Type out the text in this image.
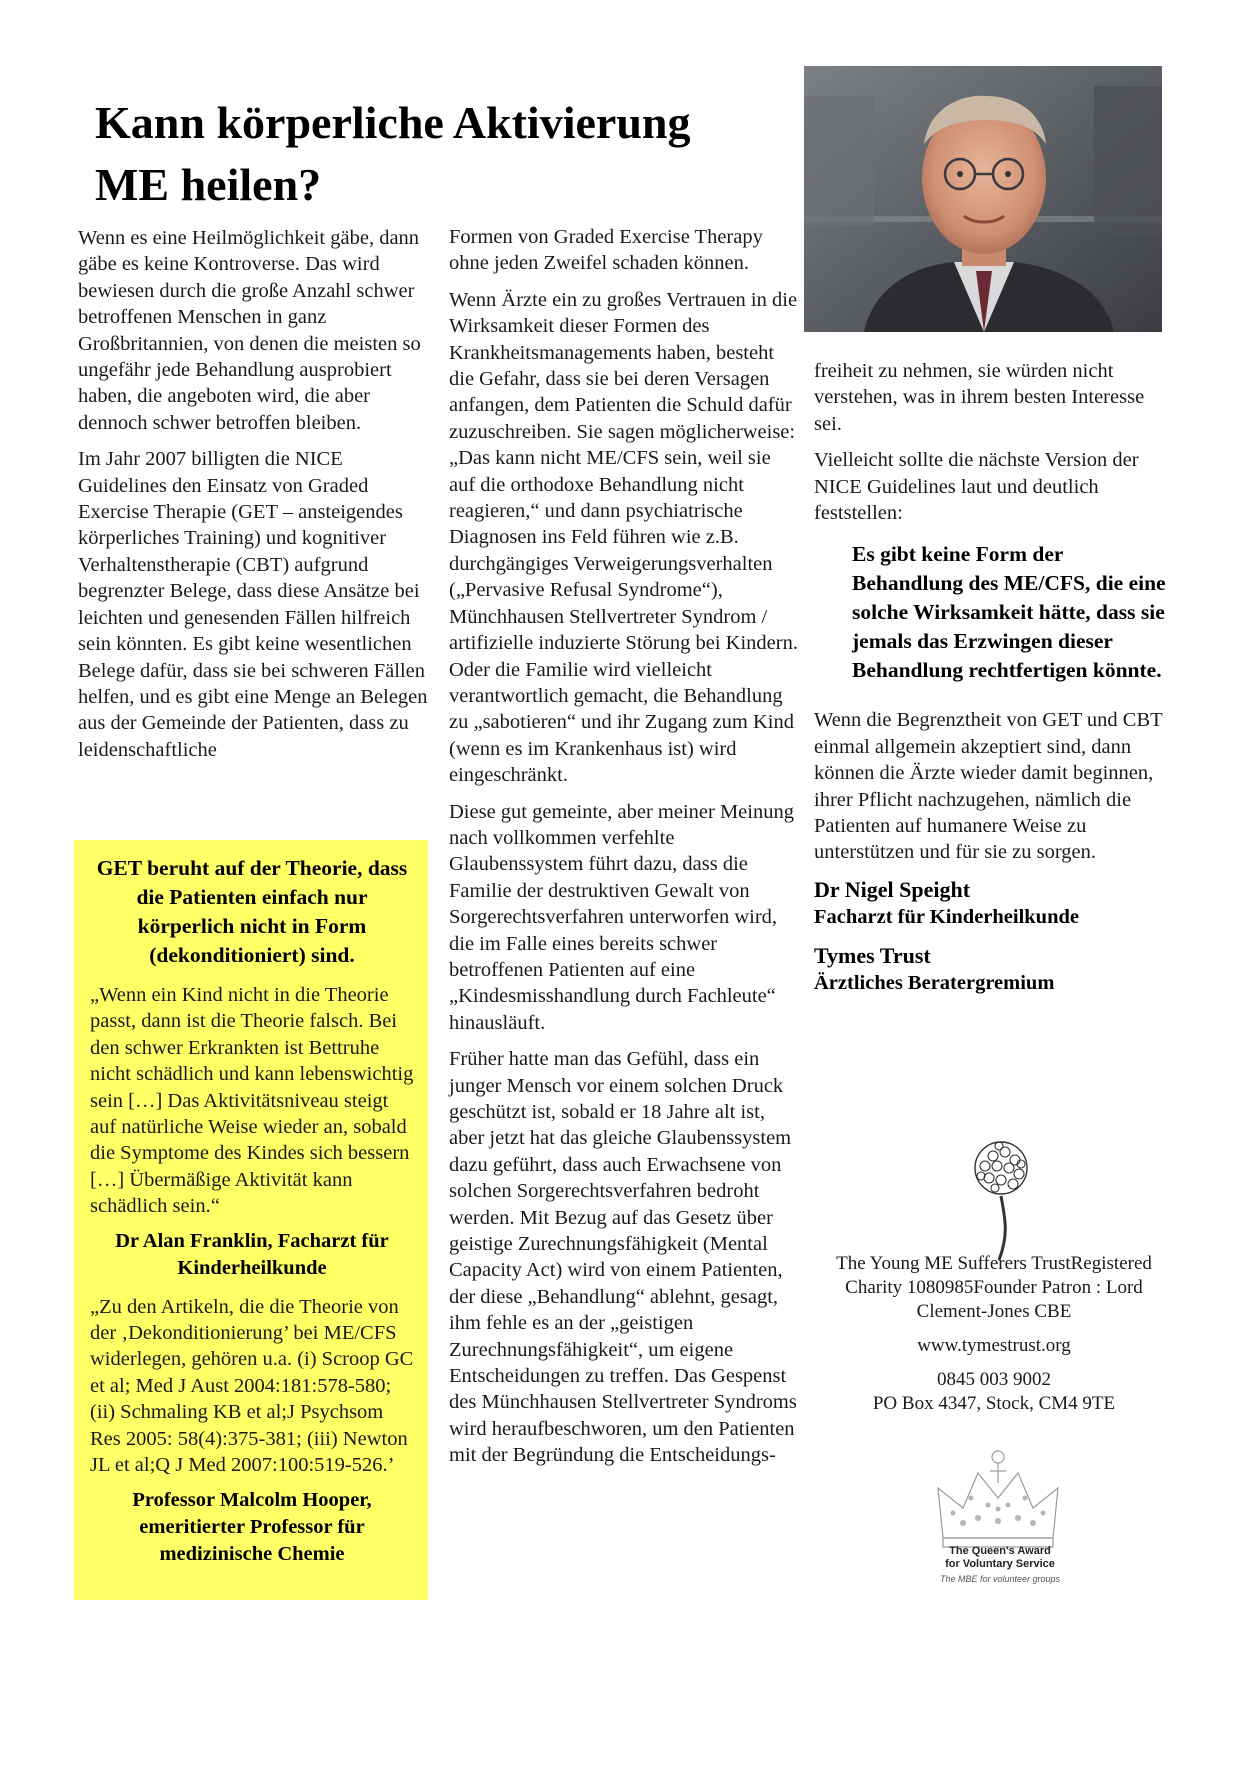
Kann körperliche Aktivierung ME heilen?

Wenn es eine Heilmöglichkeit gäbe, dann gäbe es keine Kontroverse. Das wird bewiesen durch die große Anzahl schwer betroffenen Menschen in ganz Großbritannien, von denen die meisten so ungefähr jede Behandlung ausprobiert haben, die angeboten wird, die aber dennoch schwer betroffen bleiben.

Im Jahr 2007 billigten die NICE Guidelines den Einsatz von Graded Exercise Therapie (GET – ansteigendes körperliches Training) und kognitiver Verhaltenstherapie (CBT) aufgrund begrenzter Belege, dass diese Ansätze bei leichten und genesenden Fällen hilfreich sein könnten. Es gibt keine wesentlichen Belege dafür, dass sie bei schweren Fällen helfen, und es gibt eine Menge an Belegen aus der Gemeinde der Patienten, dass zu leidenschaftliche

GET beruht auf der Theorie, dass die Patienten einfach nur körperlich nicht in Form (dekonditioniert) sind.

„Wenn ein Kind nicht in die Theorie passt, dann ist die Theorie falsch. Bei den schwer Erkrankten ist Bettruhe nicht schädlich und kann lebenswichtig sein […] Das Aktivitätsniveau steigt auf natürliche Weise wieder an, sobald die Symptome des Kindes sich bessern […] Übermäßige Aktivität kann schädlich sein.“

Dr Alan Franklin, Facharzt für Kinderheilkunde

„Zu den Artikeln, die die Theorie von der ‚Dekonditionierung’ bei ME/CFS widerlegen, gehören u.a. (i) Scroop GC et al; Med J Aust 2004:181:578-580; (ii) Schmaling KB et al;J Psychsom Res 2005: 58(4):375-381; (iii) Newton JL et al;Q J Med 2007:100:519-526.’

Professor Malcolm Hooper, emeritierter Professor für medizinische Chemie

Formen von Graded Exercise Therapy ohne jeden Zweifel schaden können.

Wenn Ärzte ein zu großes Vertrauen in die Wirksamkeit dieser Formen des Krankheitsmanagements haben, besteht die Gefahr, dass sie bei deren Versagen anfangen, dem Patienten die Schuld dafür zuzuschreiben. Sie sagen möglicherweise: „Das kann nicht ME/CFS sein, weil sie auf die orthodoxe Behandlung nicht reagieren,“ und dann psychiatrische Diagnosen ins Feld führen wie z.B. durchgängiges Verweigerungsverhalten („Pervasive Refusal Syndrome“), Münchhausen Stellvertreter Syndrom / artifizielle induzierte Störung bei Kindern. Oder die Familie wird vielleicht verantwortlich gemacht, die Behandlung zu „sabotieren“ und ihr Zugang zum Kind (wenn es im Krankenhaus ist) wird eingeschränkt.

Diese gut gemeinte, aber meiner Meinung nach vollkommen verfehlte Glaubenssystem führt dazu, dass die Familie der destruktiven Gewalt von Sorgerechtsverfahren unterworfen wird, die im Falle eines bereits schwer betroffenen Patienten auf eine „Kindesmisshandlung durch Fachleute“ hinausläuft.

Früher hatte man das Gefühl, dass ein junger Mensch vor einem solchen Druck geschützt ist, sobald er 18 Jahre alt ist, aber jetzt hat das gleiche Glaubenssystem dazu geführt, dass auch Erwachsene von solchen Sorgerechtsverfahren bedroht werden. Mit Bezug auf das Gesetz über geistige Zurechnungsfähigkeit (Mental Capacity Act) wird von einem Patienten, der diese „Behandlung“ ablehnt, gesagt, ihm fehle es an der „geistigen Zurechnungsfähigkeit“, um eigene Entscheidungen zu treffen. Das Gespenst des Münchhausen Stellvertreter Syndroms wird heraufbeschworen, um den Patienten mit der Begründung die Entscheidungs-

freiheit zu nehmen, sie würden nicht verstehen, was in ihrem besten Interesse sei.

Vielleicht sollte die nächste Version der NICE Guidelines laut und deutlich feststellen:

Es gibt keine Form der Behandlung des ME/CFS, die eine solche Wirksamkeit hätte, dass sie jemals das Erzwingen dieser Behandlung rechtfertigen könnte.

Wenn die Begrenztheit von GET und CBT einmal allgemein akzeptiert sind, dann können die Ärzte wieder damit beginnen, ihrer Pflicht nachzugehen, nämlich die Patienten auf humanere Weise zu unterstützen und für sie zu sorgen.

Dr Nigel Speight
Facharzt für Kinderheilkunde
Tymes Trust
Ärztliches Beratergremium
The Young ME Sufferers TrustRegistered Charity 1080985Founder Patron : Lord Clement-Jones CBE
www.tymestrust.org
0845 003 9002
PO Box 4347, Stock, CM4 9TE
The Queen's Award
for Voluntary Service
The MBE for volunteer groups
